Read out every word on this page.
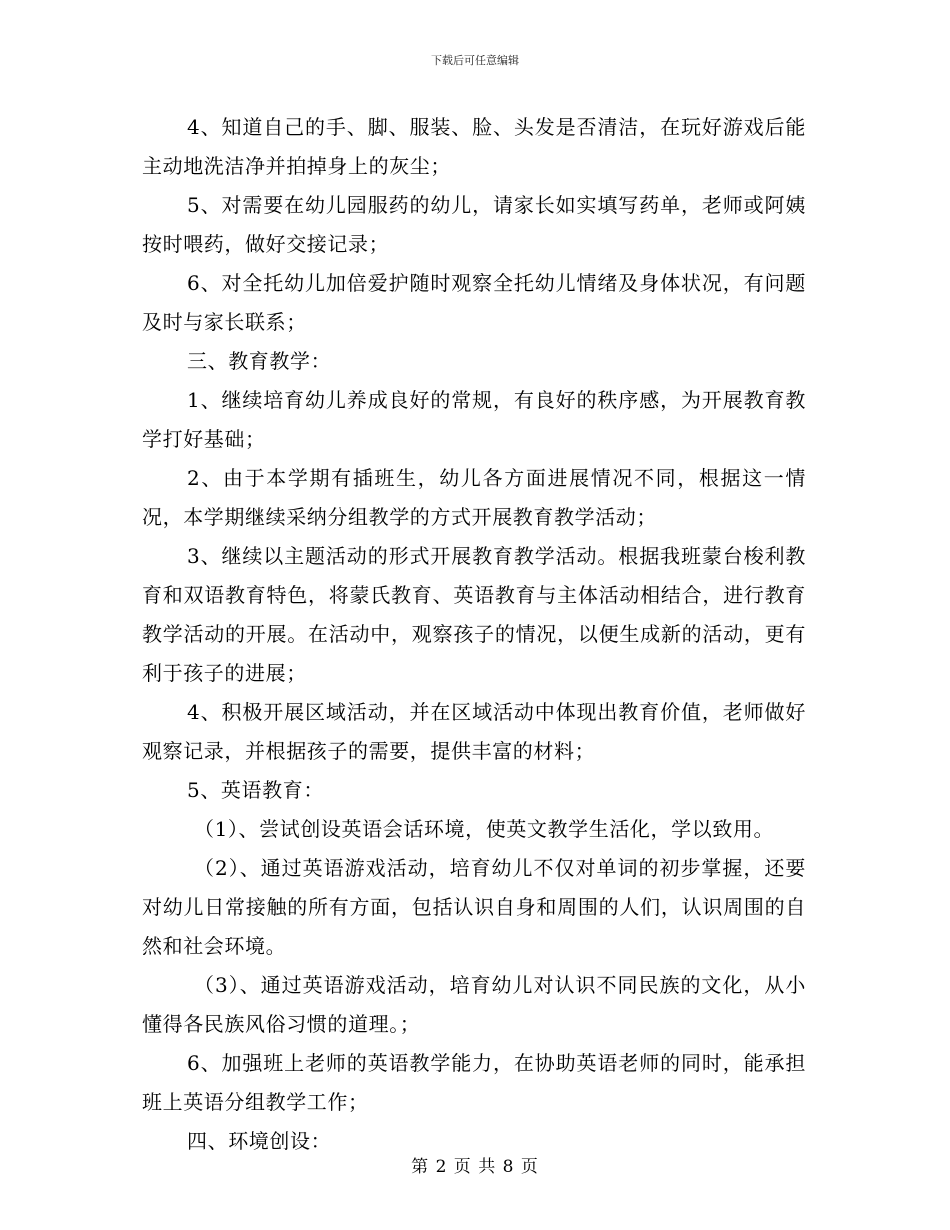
下载后可任意编辑

4、知道自己的手、脚、服装、脸、头发是否清洁，在玩好游戏后能主动地洗洁净并拍掉身上的灰尘；

5、对需要在幼儿园服药的幼儿，请家长如实填写药单，老师或阿姨按时喂药，做好交接记录；

6、对全托幼儿加倍爱护随时观察全托幼儿情绪及身体状况，有问题及时与家长联系；

三、教育教学：

1、继续培育幼儿养成良好的常规，有良好的秩序感，为开展教育教学打好基础；

2、由于本学期有插班生，幼儿各方面进展情况不同，根据这一情况，本学期继续采纳分组教学的方式开展教育教学活动；

3、继续以主题活动的形式开展教育教学活动。根据我班蒙台梭利教育和双语教育特色，将蒙氏教育、英语教育与主体活动相结合，进行教育教学活动的开展。在活动中，观察孩子的情况，以便生成新的活动，更有利于孩子的进展；

4、积极开展区域活动，并在区域活动中体现出教育价值，老师做好观察记录，并根据孩子的需要，提供丰富的材料；

5、英语教育：

（1）、尝试创设英语会话环境，使英文教学生活化，学以致用。

（2）、通过英语游戏活动，培育幼儿不仅对单词的初步掌握，还要对幼儿日常接触的所有方面，包括认识自身和周围的人们，认识周围的自然和社会环境。

（3）、通过英语游戏活动，培育幼儿对认识不同民族的文化，从小懂得各民族风俗习惯的道理。；

6、加强班上老师的英语教学能力，在协助英语老师的同时，能承担班上英语分组教学工作；

四、环境创设：

第 2 页 共 8 页
